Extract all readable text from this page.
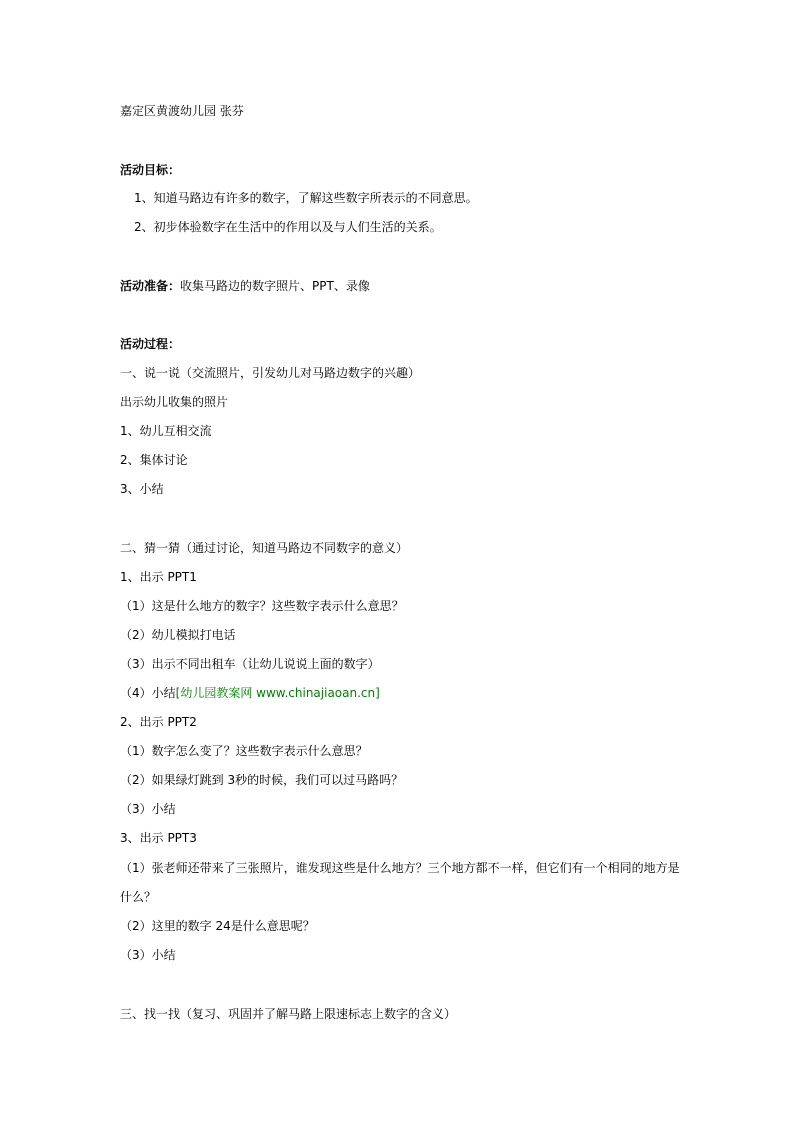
嘉定区黄渡幼儿园 张芬
活动目标：
1、知道马路边有许多的数字，了解这些数字所表示的不同意思。
2、初步体验数字在生活中的作用以及与人们生活的关系。
活动准备：收集马路边的数字照片、PPT、录像
活动过程：
一、说一说（交流照片，引发幼儿对马路边数字的兴趣）
出示幼儿收集的照片
1、幼儿互相交流
2、集体讨论
3、小结
二、猜一猜（通过讨论，知道马路边不同数字的意义）
1、出示 PPT1
（1）这是什么地方的数字？这些数字表示什么意思？
（2）幼儿模拟打电话
（3）出示不同出租车（让幼儿说说上面的数字）
（4）小结[幼儿园教案网 www.chinajiaoan.cn]
2、出示 PPT2
（1）数字怎么变了？这些数字表示什么意思？
（2）如果绿灯跳到 3秒的时候，我们可以过马路吗？
（3）小结
3、出示 PPT3
（1）张老师还带来了三张照片，谁发现这些是什么地方？三个地方都不一样，但它们有一个相同的地方是
什么？
（2）这里的数字 24是什么意思呢？
（3）小结
三、找一找（复习、巩固并了解马路上限速标志上数字的含义）
